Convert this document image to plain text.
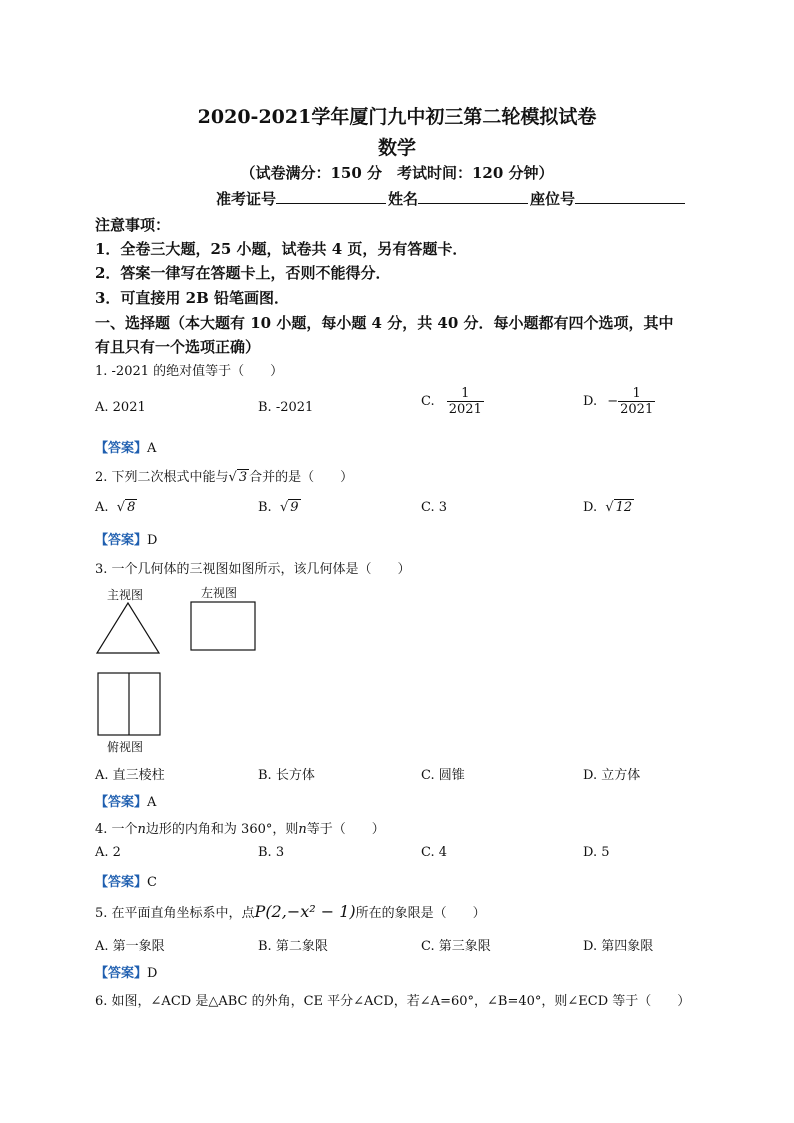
2020-2021学年厦门九中初三第二轮模拟试卷
数学
（试卷满分：150 分　考试时间：120 分钟）
准考证号	姓名	座位号
注意事项：
1．全卷三大题，25 小题，试卷共 4 页，另有答题卡．
2．答案一律写在答题卡上，否则不能得分．
3．可直接用 2B 铅笔画图．
一、选择题（本大题有 10 小题，每小题 4 分，共 40 分．每小题都有四个选项，其中
有且只有一个选项正确）
1. -2021 的绝对值等于（　　）
A. 2021	B. -2021	C. $\frac{1}{2021}$	D. − $\frac{1}{2021}$
【答案】A
2. 下列二次根式中能与√ 3 合并的是（　　）
A. √ 8	B. √ 9	C. 3	D. √ 12
【答案】D
3. 一个几何体的三视图如图所示，该几何体是（　　）
主视图	左视图
俯视图
A. 直三棱柱	B. 长方体	C. 圆锥	D. 立方体
【答案】A
4. 一个n边形的内角和为 360°，则n等于（　　）
A. 2	B. 3	C. 4	D. 5
【答案】C
5. 在平面直角坐标系中，点P(2,−x² − 1)所在的象限是（　　）
A. 第一象限	B. 第二象限	C. 第三象限	D. 第四象限
【答案】D
6. 如图，∠ACD 是△ABC 的外角，CE 平分∠ACD，若∠A=60°，∠B=40°，则∠ECD 等于（　　）
